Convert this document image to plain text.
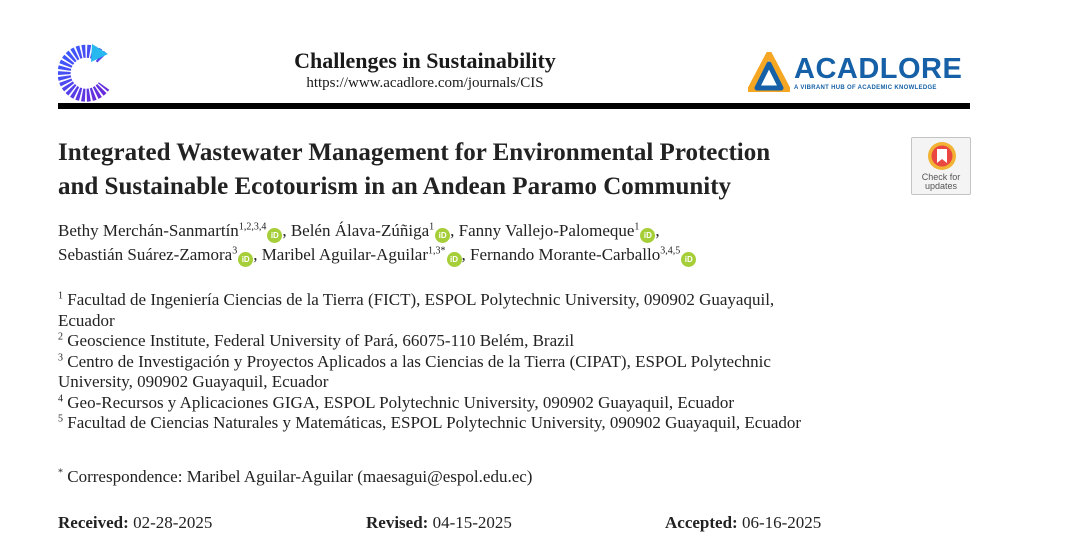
Challenges in Sustainability
https://www.acadlore.com/journals/CIS	ACADLORE
A VIBRANT HUB OF ACADEMIC KNOWLEDGE
Integrated Wastewater Management for Environmental Protection
and Sustainable Ecotourism in an Andean Paramo Community	Check for
updates
Bethy Merchán-Sanmartín$^{1,2,3,4}$iD , Belén Álava-Zúñiga$^1$iD , Fanny Vallejo-Palomeque$^1$iD ,
Sebastián Suárez-Zamora$^3$iD , Maribel Aguilar-Aguilar$^{1,3*}$iD , Fernando Morante-Carballo$^{3,4,5}$iD

$^1$ Facultad de Ingeniería Ciencias de la Tierra (FICT), ESPOL Polytechnic University, 090902 Guayaquil,
Ecuador

$^2$ Geoscience Institute, Federal University of Pará, 66075-110 Belém, Brazil

$^3$ Centro de Investigación y Proyectos Aplicados a las Ciencias de la Tierra (CIPAT), ESPOL Polytechnic
University, 090902 Guayaquil, Ecuador

$^4$ Geo-Recursos y Aplicaciones GIGA, ESPOL Polytechnic University, 090902 Guayaquil, Ecuador

$^5$ Facultad de Ciencias Naturales y Matemáticas, ESPOL Polytechnic University, 090902 Guayaquil, Ecuador

* Correspondence: Maribel Aguilar-Aguilar (maesagui@espol.edu.ec)
Received: 02-28-2025	Revised: 04-15-2025	Accepted: 06-16-2025
